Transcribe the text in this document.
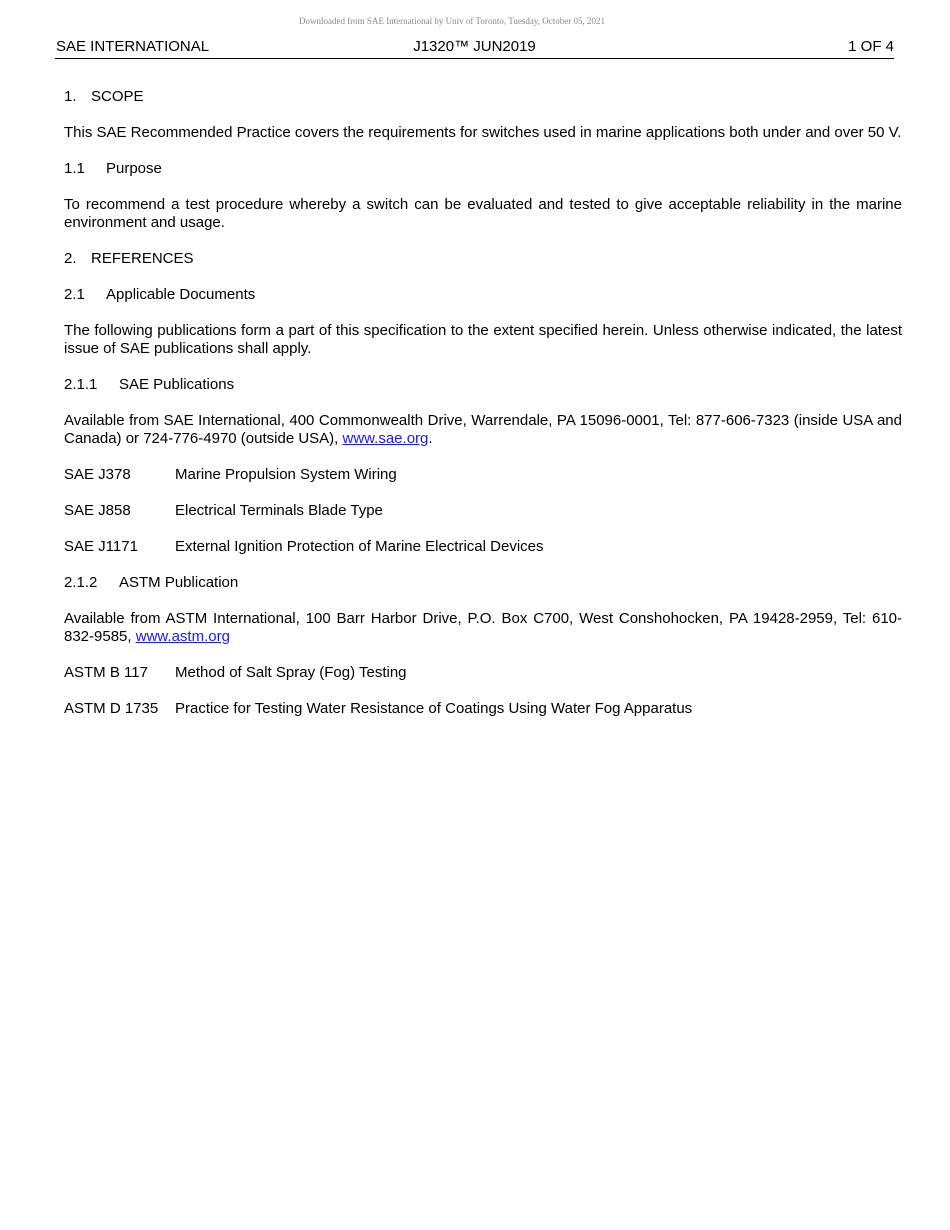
Downloaded from SAE International by Univ of Toronto, Tuesday, October 05, 2021
SAE INTERNATIONAL	J1320™ JUN2019	1 OF 4
1. SCOPE
This SAE Recommended Practice covers the requirements for switches used in marine applications both under and over 50 V.
1.1 Purpose
To recommend a test procedure whereby a switch can be evaluated and tested to give acceptable reliability in the marine environment and usage.
2. REFERENCES
2.1 Applicable Documents
The following publications form a part of this specification to the extent specified herein. Unless otherwise indicated, the latest issue of SAE publications shall apply.
2.1.1 SAE Publications
Available from SAE International, 400 Commonwealth Drive, Warrendale, PA 15096-0001, Tel: 877-606-7323 (inside USA and Canada) or 724-776-4970 (outside USA), www.sae.org.
SAE J378	Marine Propulsion System Wiring
SAE J858	Electrical Terminals Blade Type
SAE J1171	External Ignition Protection of Marine Electrical Devices
2.1.2 ASTM Publication
Available from ASTM International, 100 Barr Harbor Drive, P.O. Box C700, West Conshohocken, PA 19428-2959, Tel: 610-832-9585, www.astm.org
ASTM B 117	Method of Salt Spray (Fog) Testing
ASTM D 1735	Practice for Testing Water Resistance of Coatings Using Water Fog Apparatus
